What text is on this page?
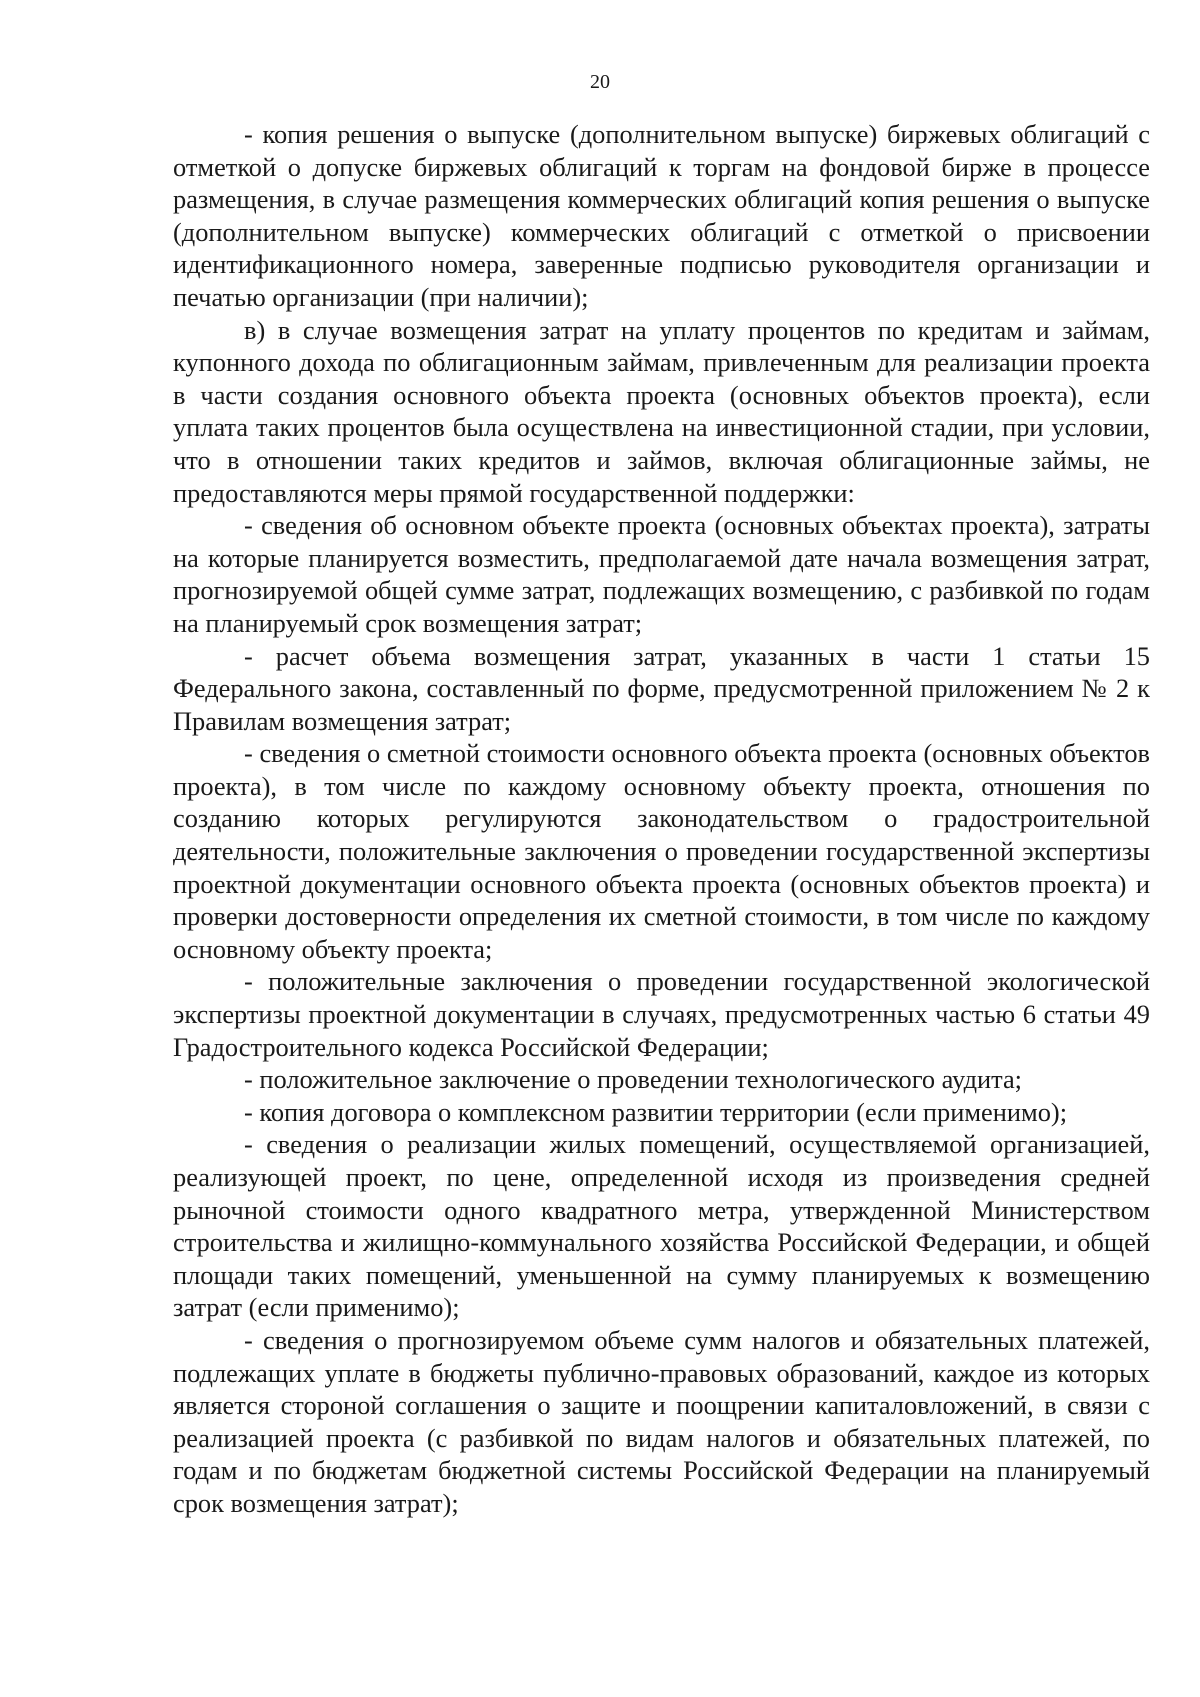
20

- копия решения о выпуске (дополнительном выпуске) биржевых облигаций с отметкой о допуске биржевых облигаций к торгам на фондовой бирже в процессе размещения, в случае размещения коммерческих облигаций копия решения о выпуске (дополнительном выпуске) коммерческих облигаций с отметкой о присвоении идентификационного номера, заверенные подписью руководителя организации и печатью организации (при наличии);

в) в случае возмещения затрат на уплату процентов по кредитам и займам, купонного дохода по облигационным займам, привлеченным для реализации проекта в части создания основного объекта проекта (основных объектов проекта), если уплата таких процентов была осуществлена на инвестиционной стадии, при условии, что в отношении таких кредитов и займов, включая облигационные займы, не предоставляются меры прямой государственной поддержки:

- сведения об основном объекте проекта (основных объектах проекта), затраты на которые планируется возместить, предполагаемой дате начала возмещения затрат, прогнозируемой общей сумме затрат, подлежащих возмещению, с разбивкой по годам на планируемый срок возмещения затрат;

- расчет объема возмещения затрат, указанных в части 1 статьи 15 Федерального закона, составленный по форме, предусмотренной приложением № 2 к Правилам возмещения затрат;

- сведения о сметной стоимости основного объекта проекта (основных объектов проекта), в том числе по каждому основному объекту проекта, отношения по созданию которых регулируются законодательством о градостроительной деятельности, положительные заключения о проведении государственной экспертизы проектной документации основного объекта проекта (основных объектов проекта) и проверки достоверности определения их сметной стоимости, в том числе по каждому основному объекту проекта;

- положительные заключения о проведении государственной экологической экспертизы проектной документации в случаях, предусмотренных частью 6 статьи 49 Градостроительного кодекса Российской Федерации;

- положительное заключение о проведении технологического аудита;

- копия договора о комплексном развитии территории (если применимо);

- сведения о реализации жилых помещений, осуществляемой организацией, реализующей проект, по цене, определенной исходя из произведения средней рыночной стоимости одного квадратного метра, утвержденной Министерством строительства и жилищно-коммунального хозяйства Российской Федерации, и общей площади таких помещений, уменьшенной на сумму планируемых к возмещению затрат (если применимо);

- сведения о прогнозируемом объеме сумм налогов и обязательных платежей, подлежащих уплате в бюджеты публично-правовых образований, каждое из которых является стороной соглашения о защите и поощрении капиталовложений, в связи с реализацией проекта (с разбивкой по видам налогов и обязательных платежей, по годам и по бюджетам бюджетной системы Российской Федерации на планируемый срок возмещения затрат);
